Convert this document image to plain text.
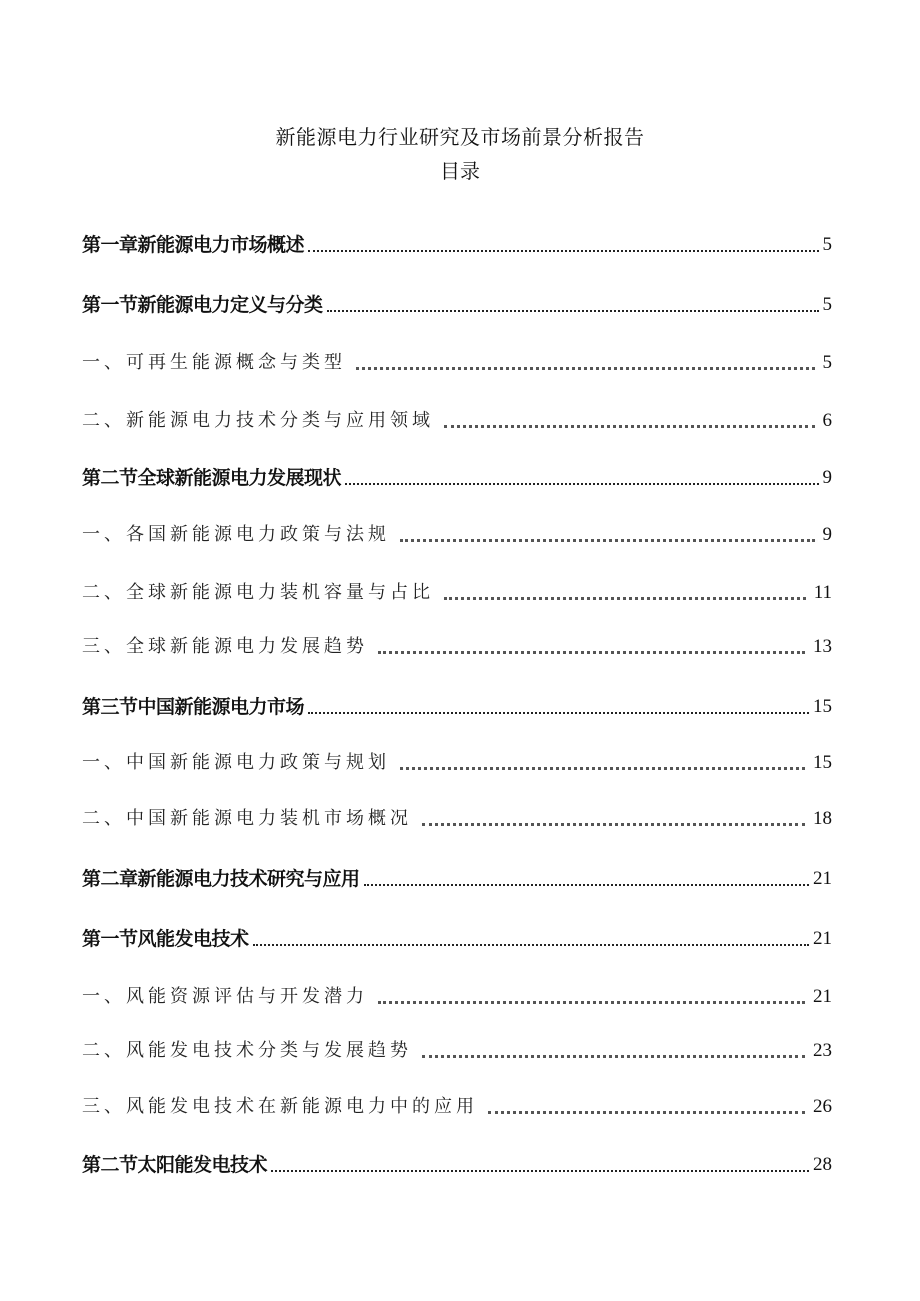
新能源电力行业研究及市场前景分析报告
目录
第一章新能源电力市场概述	5
第一节新能源电力定义与分类	5
一、可再生能源概念与类型	5
二、新能源电力技术分类与应用领域	6
第二节全球新能源电力发展现状	9
一、各国新能源电力政策与法规	9
二、全球新能源电力装机容量与占比	11
三、全球新能源电力发展趋势	13
第三节中国新能源电力市场	15
一、中国新能源电力政策与规划	15
二、中国新能源电力装机市场概况	18
第二章新能源电力技术研究与应用	21
第一节风能发电技术	21
一、风能资源评估与开发潜力	21
二、风能发电技术分类与发展趋势	23
三、风能发电技术在新能源电力中的应用	26
第二节太阳能发电技术	28
